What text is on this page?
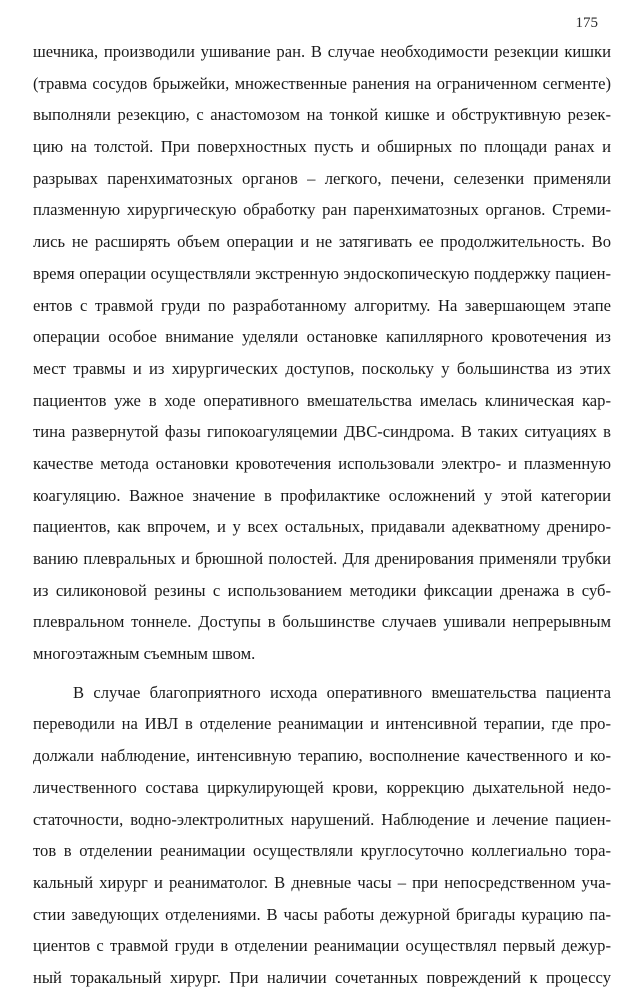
175
шечника, производили ушивание ран. В случае необходимости резекции кишки
(травма сосудов брыжейки, множественные ранения на ограниченном сегменте)
выполняли резекцию, с анастомозом на тонкой кишке и обструктивную резек-
цию на толстой. При поверхностных пусть и обширных по площади ранах и
разрывах паренхиматозных органов – легкого, печени, селезенки применяли
плазменную хирургическую обработку ран паренхиматозных органов. Стреми-
лись не расширять объем операции и не затягивать ее продолжительность. Во
время операции осуществляли экстренную эндоскопическую поддержку пациен-
ентов с травмой груди по разработанному алгоритму. На завершающем этапе
операции особое внимание уделяли остановке капиллярного кровотечения из
мест травмы и из хирургических доступов, поскольку у большинства из этих
пациентов уже в ходе оперативного вмешательства имелась клиническая кар-
тина развернутой фазы гипокоагуляцемии ДВС-синдрома. В таких ситуациях в
качестве метода остановки кровотечения использовали электро- и плазменную
коагуляцию. Важное значение в профилактике осложнений у этой категории
пациентов, как впрочем, и у всех остальных, придавали адекватному дрениро-
ванию плевральных и брюшной полостей. Для дренирования применяли трубки
из силиконовой резины с использованием методики фиксации дренажа в суб-
плевральном тоннеле. Доступы в большинстве случаев ушивали непрерывным
многоэтажным съемным швом.
В случае благоприятного исхода оперативного вмешательства пациента
переводили на ИВЛ в отделение реанимации и интенсивной терапии, где про-
должали наблюдение, интенсивную терапию, восполнение качественного и ко-
личественного состава циркулирующей крови, коррекцию дыхательной недо-
статочности, водно-электролитных нарушений. Наблюдение и лечение пациен-
тов в отделении реанимации осуществляли круглосуточно коллегиально тора-
кальный хирург и реаниматолог. В дневные часы – при непосредственном уча-
стии заведующих отделениями. В часы работы дежурной бригады курацию па-
циентов с травмой груди в отделении реанимации осуществлял первый дежур-
ный торакальный хирург. При наличии сочетанных повреждений к процессу
